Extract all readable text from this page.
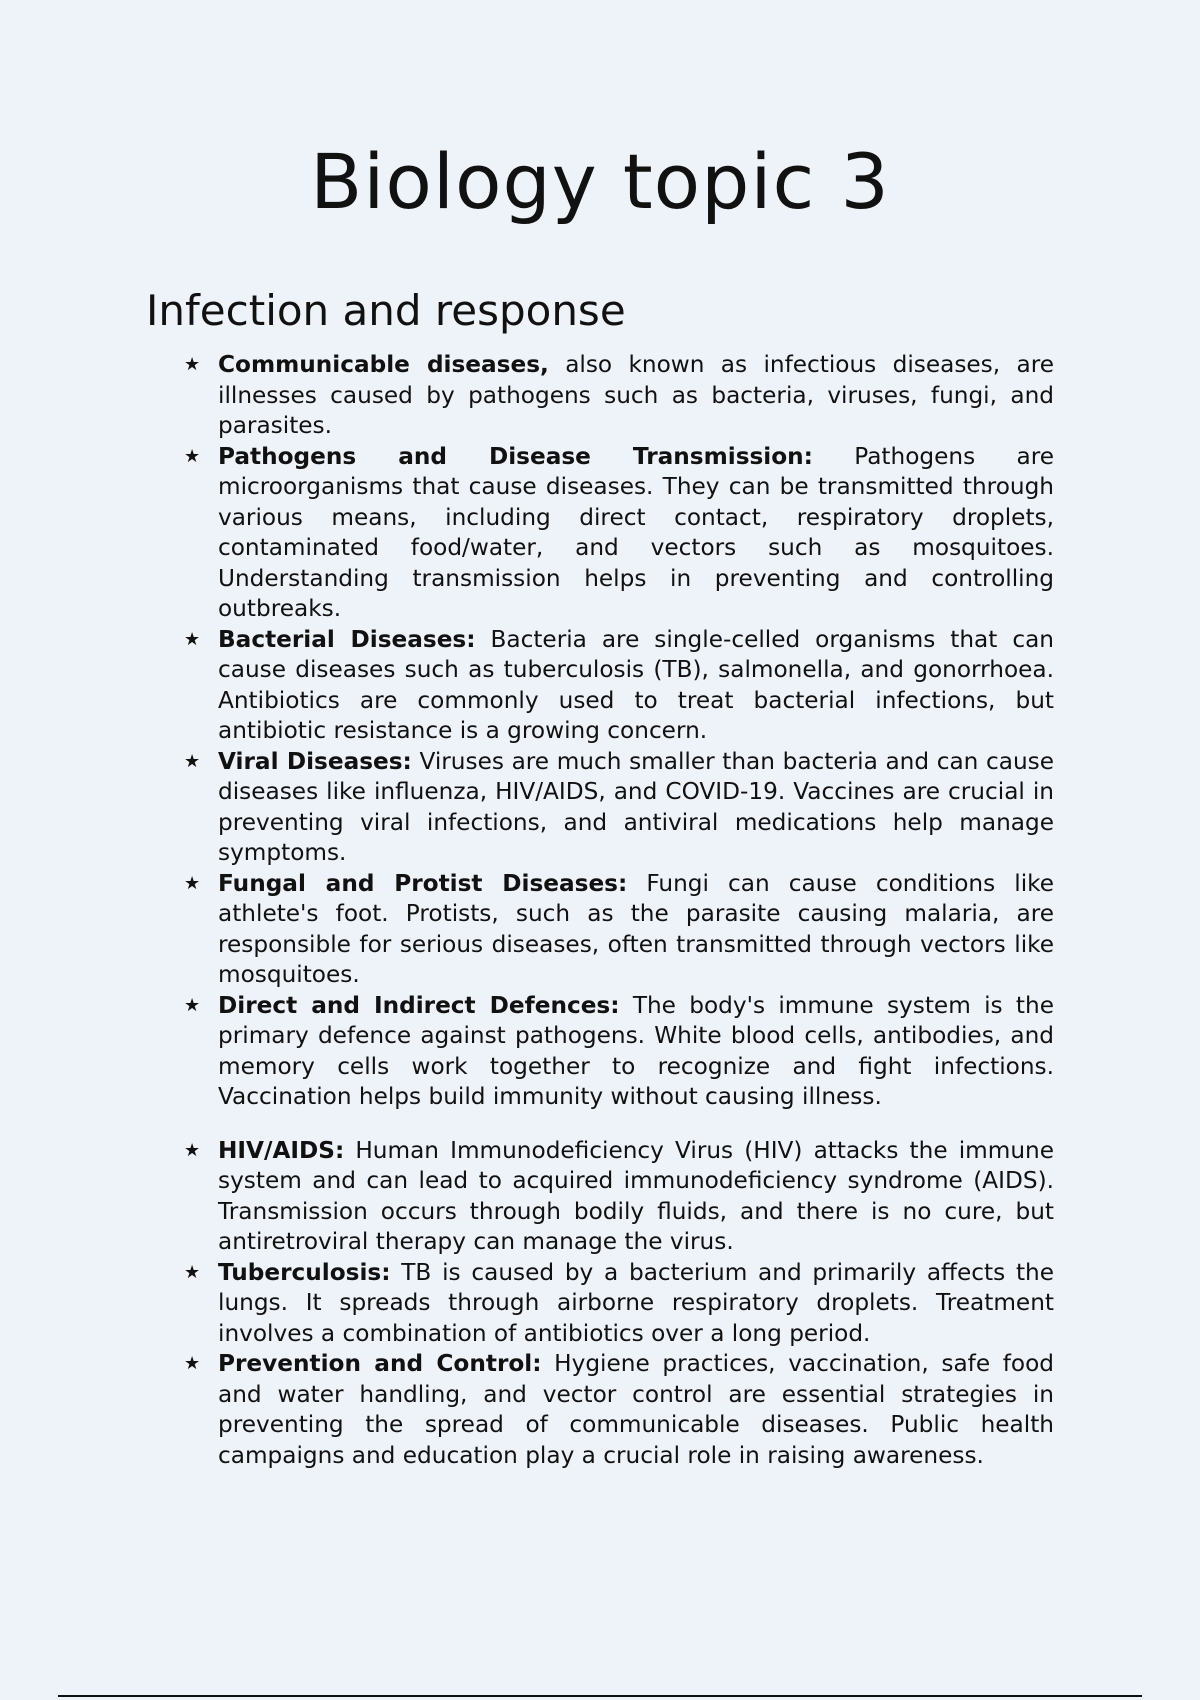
Biology topic 3
Infection and response
★ Communicable diseases, also known as infectious diseases, are illnesses caused by pathogens such as bacteria, viruses, fungi, and parasites.
★ Pathogens and Disease Transmission: Pathogens are microorganisms that cause diseases. They can be transmitted through various means, including direct contact, respiratory droplets, contaminated food/water, and vectors such as mosquitoes. Understanding transmission helps in preventing and controlling outbreaks.
★ Bacterial Diseases: Bacteria are single-celled organisms that can cause diseases such as tuberculosis (TB), salmonella, and gonorrhoea. Antibiotics are commonly used to treat bacterial infections, but antibiotic resistance is a growing concern.
★ Viral Diseases: Viruses are much smaller than bacteria and can cause diseases like influenza, HIV/AIDS, and COVID-19. Vaccines are crucial in preventing viral infections, and antiviral medications help manage symptoms.
★ Fungal and Protist Diseases: Fungi can cause conditions like athlete's foot. Protists, such as the parasite causing malaria, are responsible for serious diseases, often transmitted through vectors like mosquitoes.
★ Direct and Indirect Defences: The body's immune system is the primary defence against pathogens. White blood cells, antibodies, and memory cells work together to recognize and fight infections. Vaccination helps build immunity without causing illness.
★ HIV/AIDS: Human Immunodeficiency Virus (HIV) attacks the immune system and can lead to acquired immunodeficiency syndrome (AIDS). Transmission occurs through bodily fluids, and there is no cure, but antiretroviral therapy can manage the virus.
★ Tuberculosis: TB is caused by a bacterium and primarily affects the lungs. It spreads through airborne respiratory droplets. Treatment involves a combination of antibiotics over a long period.
★ Prevention and Control: Hygiene practices, vaccination, safe food and water handling, and vector control are essential strategies in preventing the spread of communicable diseases. Public health campaigns and education play a crucial role in raising awareness.
